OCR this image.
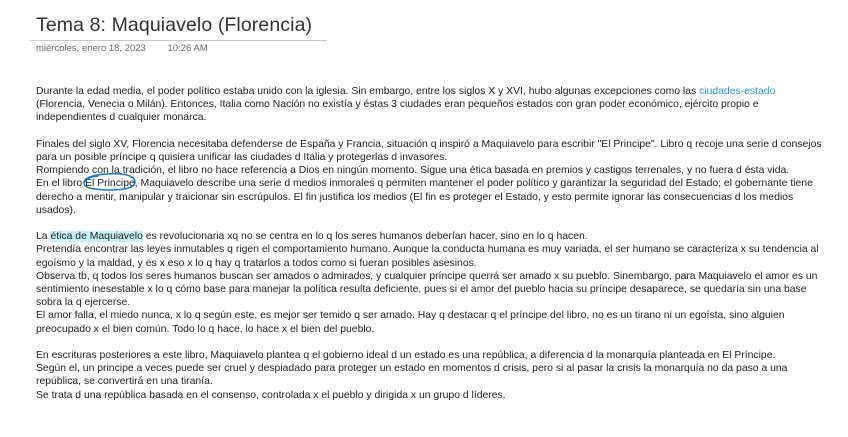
Tema 8: Maquiavelo (Florencia)
miércoles, enero 18, 2023 10:26 AM

Durante la edad media, el poder político estaba unido con la iglesia. Sin embargo, entre los siglos X y XVI, hubo algunas excepciones como las ciudades-estado (Florencia, Venecia o Milán). Entonces, Italia como Nación no existía y éstas 3 ciudades eran pequeños estados con gran poder económico, ejército propio e independientes d cualquier monarca.

Finales del siglo XV, Florencia necesitaba defenderse de España y Francia, situación q inspiró a Maquiavelo para escribir "El Principe". Libro q recoje una serie d consejos para un posible príncipe q quisiera unificar las ciudades d Italia y protegerlas d invasores.

Rompiendo con la tradición, el libro no hace referencia a Dios en ningún momento. Sigue una ética basada en premios y castigos terrenales, y no fuera d ésta vida.

En el libro El Principe,
Maquiavelo describe una serie d medios inmorales q permiten mantener el poder político y garantizar la seguridad del Estado; el gobernante tiene derecho a mentir, manipular y traicionar sin escrúpulos. El fin justifica los medios (El fin es proteger el Estado, y esto permite ignorar las consecuencias d los medios usados).

La ética de Maquiavelo es revolucionaria xq no se centra en lo q los seres humanos deberían hacer, sino en lo q hacen.

Pretendía encontrar las leyes inmutables q rigen el comportamiento humano. Aunque la conducta humana es muy variada, el ser humano se caracteriza x su tendencia al egoísmo y la maldad, y es x eso x lo q hay q tratarlos a todos como si fueran posibles asesinos.

Observa tb, q todos los seres humanos buscan ser amados o admirados, y cualquier príncipe querrá ser amado x su pueblo. Sinembargo, para Maquiavelo el amor es un sentimiento inesestable x lo q cómo base para manejar la política resulta deficiente, pues si el amor del pueblo hacia su príncipe desaparece, se quedaría sin una base sobra la q ejercerse.

El amor falla, el miedo nunca, x lo q según este, es mejor ser temido q ser amado. Hay q destacar q el príncipe del libro, no es un tirano ni un egoísta, sino alguien preocupado x el bien común. Todo lo q hace, lo hace x el bien del pueblo.

En escrituras posteriores a este libro, Maquiavelo plantea q el gobierno ideal d un estado es una república, a diferencia d la monarquía planteada en El Príncipe.

Según el, un principe a veces puede ser cruel y despiadado para proteger un estado en momentos d crisis, pero si al pasar la crisis la monarquía no da paso a una república, se convertirá en una tiranía.

Se trata d una república basada en el consenso, controlada x el pueblo y dirigida x un grupo d líderes.
